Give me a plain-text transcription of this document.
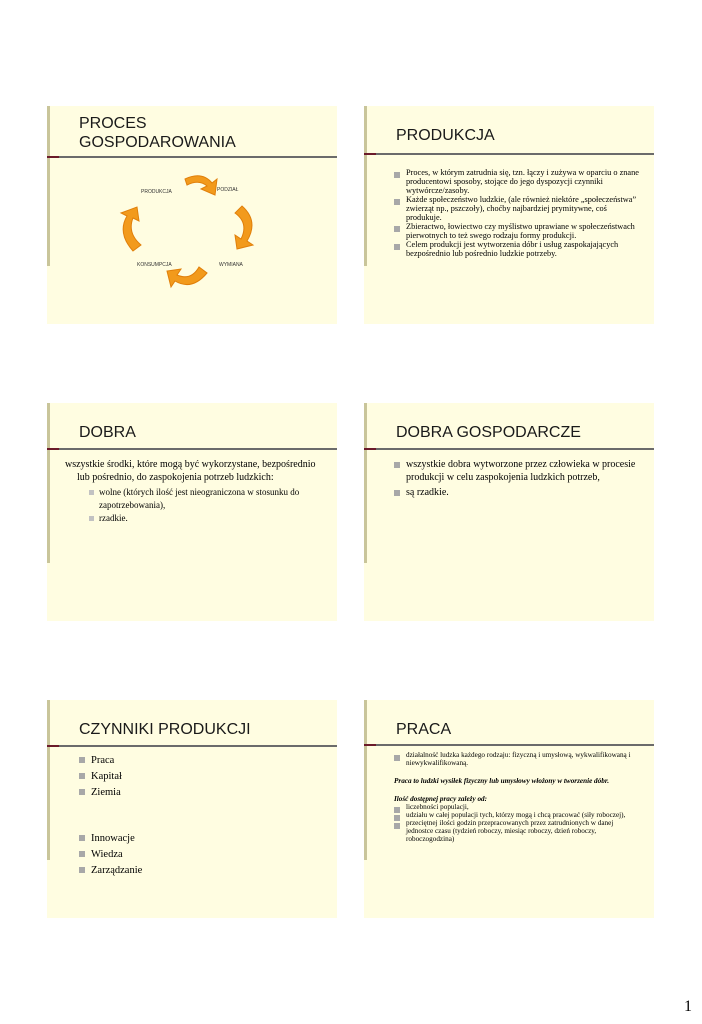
PROCES
GOSPODAROWANIA
PRODUKCJA	PODZIAŁ
WYMIANA
KONSUMPCJA
PRODUKCJA
Proces, w którym zatrudnia się, tzn. łączy i zużywa w oparciu o znane producentowi sposoby, stojące do jego dyspozycji czynniki wytwórcze/zasoby.
Każde społeczeństwo ludzkie, (ale również niektóre „społeczeństwa” zwierząt np., pszczoły), choćby najbardziej prymitywne, coś produkuje.
Zbieractwo, łowiectwo czy myślistwo uprawiane w społeczeństwach pierwotnych to też swego rodzaju formy produkcji.
Celem produkcji jest wytworzenia dóbr i usług zaspokajających bezpośrednio lub pośrednio ludzkie potrzeby.
DOBRA
wszystkie środki, które mogą być wykorzystane, bezpośrednio lub pośrednio, do zaspokojenia potrzeb ludzkich:
wolne (których ilość jest nieograniczona w stosunku do zapotrzebowania),
rzadkie.
DOBRA GOSPODARCZE
wszystkie dobra wytworzone przez człowieka w procesie produkcji w celu zaspokojenia ludzkich potrzeb,
są rzadkie.
CZYNNIKI PRODUKCJI
Praca
Kapitał
Ziemia
Innowacje
Wiedza
Zarządzanie
PRACA
działalność ludzka każdego rodzaju: fizyczną i umysłową, wykwalifikowaną i niewykwalifikowaną.
Praca to ludzki wysiłek fizyczny lub umysłowy włożony w tworzenie dóbr.
Ilość dostępnej pracy zależy od:
liczebności populacji,
udziału w całej populacji tych, którzy mogą i chcą pracować (siły roboczej),
przeciętnej ilości godzin przepracowanych przez zatrudnionych w danej jednostce czasu (tydzień roboczy, miesiąc roboczy, dzień roboczy, roboczogodzina)
1
